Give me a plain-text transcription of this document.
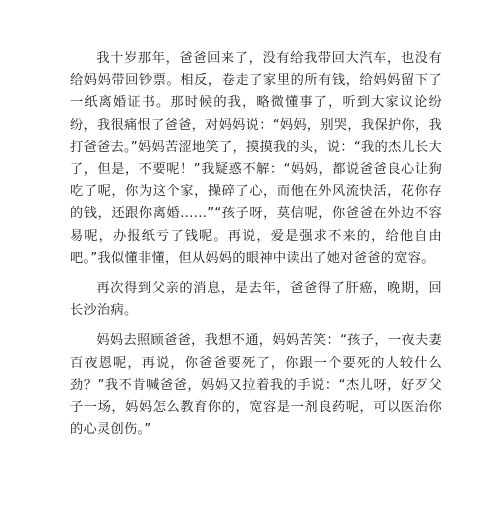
我十岁那年，爸爸回来了，没有给我带回大汽车，也没有给妈妈带回钞票。相反，卷走了家里的所有钱，给妈妈留下了一纸离婚证书。那时候的我，略微懂事了，听到大家议论纷纷，我很痛恨了爸爸，对妈妈说：“妈妈，别哭，我保护你，我打爸爸去。”妈妈苦涩地笑了，摸摸我的头，说：“我的杰儿长大了，但是，不要呢！”我疑惑不解：“妈妈，都说爸爸良心让狗吃了呢，你为这个家，操碎了心，而他在外风流快活，花你存的钱，还跟你离婚......”“孩子呀，莫信呢，你爸爸在外边不容易呢，办报纸亏了钱呢。再说，爱是强求不来的，给他自由吧。”我似懂非懂，但从妈妈的眼神中读出了她对爸爸的宽容。

再次得到父亲的消息，是去年，爸爸得了肝癌，晚期，回长沙治病。

妈妈去照顾爸爸，我想不通，妈妈苦笑：“孩子，一夜夫妻百夜恩呢，再说，你爸爸要死了，你跟一个要死的人较什么劲？”我不肯喊爸爸，妈妈又拉着我的手说：“杰儿呀，好歹父子一场，妈妈怎么教育你的，宽容是一剂良药呢，可以医治你的心灵创伤。”
